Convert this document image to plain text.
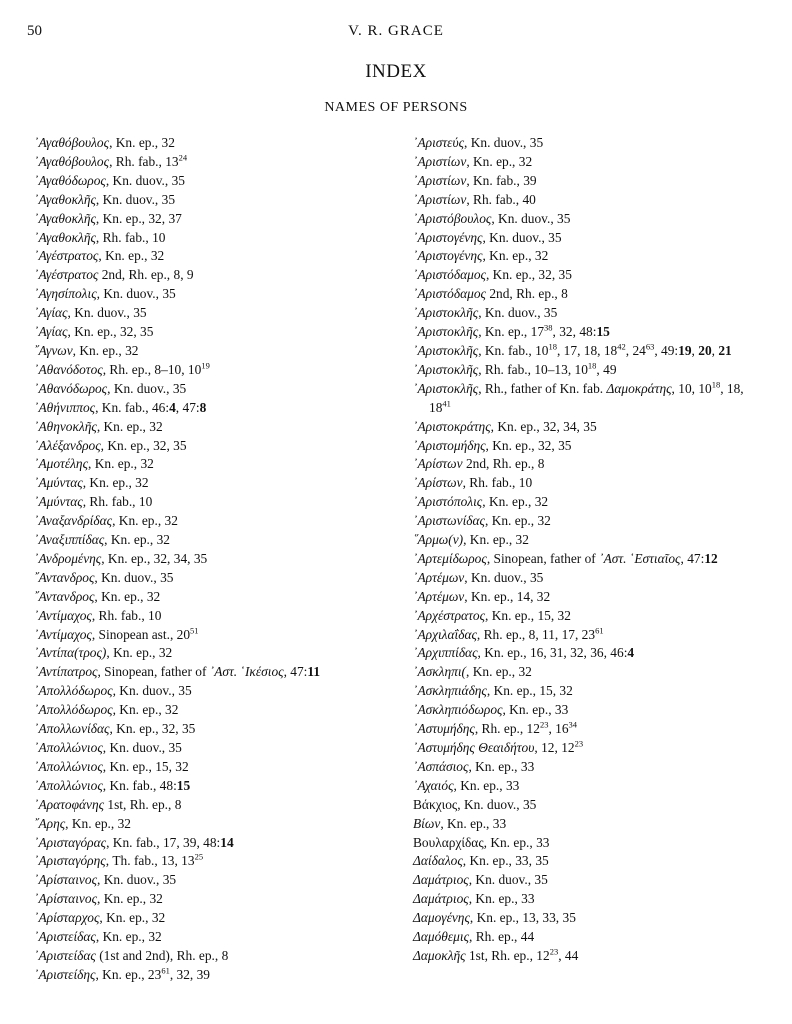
50	V. R. GRACE
INDEX
NAMES OF PERSONS
᾿Αγαθόβουλος, Kn. ep., 32
᾿Αγαθόβουλος, Rh. fab., $13^{24}$
᾿Αγαθόδωρος, Kn. duov., 35
᾿Αγαθοκλῆς, Kn. duov., 35
᾿Αγαθοκλῆς, Kn. ep., 32, 37
᾿Αγαθοκλῆς, Rh. fab., 10
᾿Αγέστρατος, Kn. ep., 32
᾿Αγέστρατος 2nd, Rh. ep., 8, 9
᾿Αγησίπολις, Kn. duov., 35
᾿Αγίας, Kn. duov., 35
᾿Αγίας, Kn. ep., 32, 35
῎Αγνων, Kn. ep., 32
᾿Αθανόδοτος, Rh. ep., 8–10, $10^{19}$
᾿Αθανόδωρος, Kn. duov., 35
᾿Αθήνιππος, Kn. fab., 46:4, 47:8
᾿Αθηνοκλῆς, Kn. ep., 32
᾿Αλέξανδρος, Kn. ep., 32, 35
᾿Αμοτέλης, Kn. ep., 32
᾿Αμύντας, Kn. ep., 32
᾿Αμύντας, Rh. fab., 10
᾿Αναξανδρίδας, Kn. ep., 32
᾿Αναξιππίδας, Kn. ep., 32
᾿Ανδρομένης, Kn. ep., 32, 34, 35
῎Αντανδρος, Kn. duov., 35
῎Αντανδρος, Kn. ep., 32
᾿Αντίμαχος, Rh. fab., 10
᾿Αντίμαχος, Sinopean ast., $20^{51}$
᾿Αντίπα(τρος), Kn. ep., 32
᾿Αντίπατρος, Sinopean, father of ᾿Αστ. ῾Ικέσιος, 47:11
᾿Απολλόδωρος, Kn. duov., 35
᾿Απολλόδωρος, Kn. ep., 32
᾿Απολλωνίδας, Kn. ep., 32, 35
᾿Απολλώνιος, Kn. duov., 35
᾿Απολλώνιος, Kn. ep., 15, 32
᾿Απολλώνιος, Kn. fab., 48:15
᾿Αρατοφάνης 1st, Rh. ep., 8
῎Αρης, Kn. ep., 32
᾿Αρισταγόρας, Kn. fab., 17, 39, 48:14
᾿Αρισταγόρης, Th. fab., 13, $13^{25}$
᾿Αρίσταινος, Kn. duov., 35
᾿Αρίσταινος, Kn. ep., 32
᾿Αρίσταρχος, Kn. ep., 32
᾿Αριστείδας, Kn. ep., 32
᾿Αριστείδας (1st and 2nd), Rh. ep., 8
᾿Αριστείδης, Kn. ep., $23^{61}$, 32, 39
᾿Αριστεύς, Kn. duov., 35
᾿Αριστίων, Kn. ep., 32
᾿Αριστίων, Kn. fab., 39
᾿Αριστίων, Rh. fab., 40
᾿Αριστόβουλος, Kn. duov., 35
᾿Αριστογένης, Kn. duov., 35
᾿Αριστογένης, Kn. ep., 32
᾿Αριστόδαμος, Kn. ep., 32, 35
᾿Αριστόδαμος 2nd, Rh. ep., 8
᾿Αριστοκλῆς, Kn. duov., 35
᾿Αριστοκλῆς, Kn. ep., $17^{38}$, 32, 48:15
᾿Αριστοκλῆς, Kn. fab., $10^{18}$, 17, 18, $18^{42}$, $24^{63}$, 49:19, 20, 21
᾿Αριστοκλῆς, Rh. fab., 10–13, $10^{18}$, 49
᾿Αριστοκλῆς, Rh., father of Kn. fab. Δαμοκράτης, 10, $10^{18}$, 18, $18^{41}$
᾿Αριστοκράτης, Kn. ep., 32, 34, 35
᾿Αριστομήδης, Kn. ep., 32, 35
᾿Αρίστων 2nd, Rh. ep., 8
᾿Αρίστων, Rh. fab., 10
᾿Αριστόπολις, Kn. ep., 32
᾿Αριστωνίδας, Kn. ep., 32
῞Αρμω(ν), Kn. ep., 32
᾿Αρτεμίδωρος, Sinopean, father of ᾿Αστ. ῾Εστιαῖος, 47:12
᾿Αρτέμων, Kn. duov., 35
᾿Αρτέμων, Kn. ep., 14, 32
᾿Αρχέστρατος, Kn. ep., 15, 32
᾿Αρχιλαΐδας, Rh. ep., 8, 11, 17, $23^{61}$
᾿Αρχιππίδας, Kn. ep., 16, 31, 32, 36, 46:4
᾿Ασκληπι(, Kn. ep., 32
᾿Ασκληπιάδης, Kn. ep., 15, 32
᾿Ασκληπιόδωρος, Kn. ep., 33
᾿Αστυμήδης, Rh. ep., $12^{23}$, $16^{34}$
᾿Αστυμήδης Θεαιδήτου, 12, $12^{23}$
᾿Ασπάσιος, Kn. ep., 33
᾿Αχαιός, Kn. ep., 33
Βάκχιος, Kn. duov., 35
Βίων, Kn. ep., 33
Βουλαρχίδας, Kn. ep., 33
Δαίδαλος, Kn. ep., 33, 35
Δαμάτριος, Kn. duov., 35
Δαμάτριος, Kn. ep., 33
Δαμογένης, Kn. ep., 13, 33, 35
Δαμόθεμις, Rh. ep., 44
Δαμοκλῆς 1st, Rh. ep., $12^{23}$, 44
